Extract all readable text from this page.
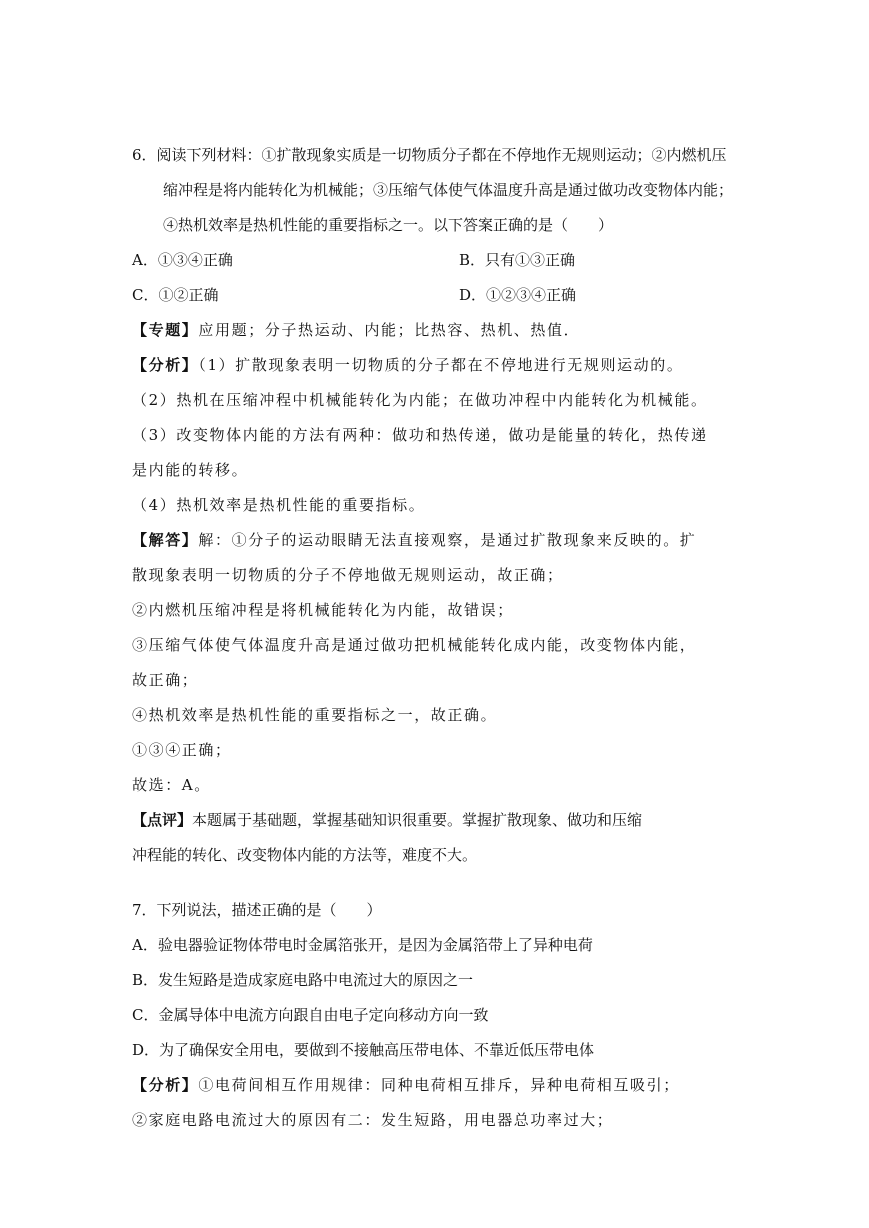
6．阅读下列材料：①扩散现象实质是一切物质分子都在不停地作无规则运动；②内燃机压
缩冲程是将内能转化为机械能；③压缩气体使气体温度升高是通过做功改变物体内能；
④热机效率是热机性能的重要指标之一。以下答案正确的是（　　）
A．①③④正确	B．只有①③正确
C．①②正确	D．①②③④正确
【专题】应用题；分子热运动、内能；比热容、热机、热值．
【分析】（1）扩散现象表明一切物质的分子都在不停地进行无规则运动的。
（2）热机在压缩冲程中机械能转化为内能；在做功冲程中内能转化为机械能。
（3）改变物体内能的方法有两种：做功和热传递，做功是能量的转化，热传递
是内能的转移。
（4）热机效率是热机性能的重要指标。
【解答】解：①分子的运动眼睛无法直接观察，是通过扩散现象来反映的。扩
散现象表明一切物质的分子不停地做无规则运动，故正确；
②内燃机压缩冲程是将机械能转化为内能，故错误；
③压缩气体使气体温度升高是通过做功把机械能转化成内能，改变物体内能，
故正确；
④热机效率是热机性能的重要指标之一，故正确。
①③④正确；
故选：A。
【点评】本题属于基础题，掌握基础知识很重要。掌握扩散现象、做功和压缩
冲程能的转化、改变物体内能的方法等，难度不大。
7．下列说法，描述正确的是（　　）
A．验电器验证物体带电时金属箔张开，是因为金属箔带上了异种电荷
B．发生短路是造成家庭电路中电流过大的原因之一
C．金属导体中电流方向跟自由电子定向移动方向一致
D．为了确保安全用电，要做到不接触高压带电体、不靠近低压带电体
【分析】①电荷间相互作用规律：同种电荷相互排斥，异种电荷相互吸引；
②家庭电路电流过大的原因有二：发生短路，用电器总功率过大；
